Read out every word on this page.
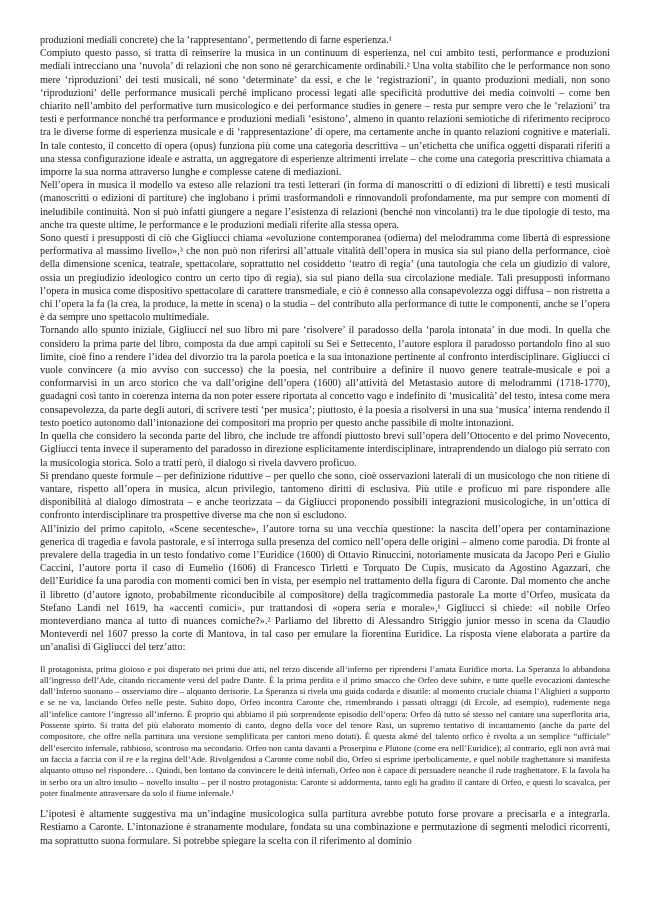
produzioni mediali concrete) che la ‘rappresentano’, permettendo di farne esperienza.¹

Compiuto questo passo, si tratta di reinserire la musica in un continuum di esperienza, nel cui ambito testi, performance e produzioni mediali intrecciano una ‘nuvola’ di relazioni che non sono né gerarchicamente ordinabili.² Una volta stabilito che le performance non sono mere ‘riproduzioni’ dei testi musicali, né sono ‘determinate’ da essi, e che le ‘registrazioni’, in quanto produzioni mediali, non sono ‘riproduzioni’ delle performance musicali perché implicano processi legati alle specificità produttive dei media coinvolti – come ben chiarito nell’ambito del performative turn musicologico e dei performance studies in genere – resta pur sempre vero che le ‘relazioni’ tra testi e performance nonché tra performance e produzioni mediali ‘esistono’, almeno in quanto relazioni semiotiche di riferimento reciproco tra le diverse forme di esperienza musicale e di ‘rappresentazione’ di opere, ma certamente anche in quanto relazioni cognitive e materiali. In tale contesto, il concetto di opera (opus) funziona più come una categoria descrittiva – un’etichetta che unifica oggetti disparati riferiti a una stessa configurazione ideale e astratta, un aggregatore di esperienze altrimenti irrelate – che come una categoria prescrittiva chiamata a imporre la sua norma attraverso lunghe e complesse catene di mediazioni.

Nell’opera in musica il modello va esteso alle relazioni tra testi letterari (in forma di manoscritti o di edizioni di libretti) e testi musicali (manoscritti o edizioni di partiture) che inglobano i primi trasformandoli e rinnovandoli profondamente, ma pur sempre con momenti di ineludibile continuità. Non si può infatti giungere a negare l’esistenza di relazioni (benché non vincolanti) tra le due tipologie di testo, ma anche tra queste ultime, le performance e le produzioni mediali riferite alla stessa opera.

Sono questi i presupposti di ciò che Gigliucci chiama «evoluzione contemporanea (odierna) del melodramma come libertà di espressione performativa al massimo livello»,³ che non può non riferirsi all’attuale vitalità dell’opera in musica sia sul piano della performance, cioè della dimensione scenica, teatrale, spettacolare, soprattutto nel cosiddetto ‘teatro di regia’ (una tautologia che cela un giudizio di valore, ossia un pregiudizio ideologico contro un certo tipo di regia), sia sul piano della sua circolazione mediale. Tali presupposti informano l’opera in musica come dispositivo spettacolare di carattere transmediale, e ciò è connesso alla consapevolezza oggi diffusa – non ristretta a chi l’opera la fa (la crea, la produce, la mette in scena) o la studia – del contributo alla performance di tutte le componenti, anche se l’opera è da sempre uno spettacolo multimediale.

Tornando allo spunto iniziale, Gigliucci nel suo libro mi pare ‘risolvere’ il paradosso della ‘parola intonata’ in due modi. In quella che considero la prima parte del libro, composta da due ampi capitoli su Sei e Settecento, l’autore esplora il paradosso portandolo fino al suo limite, cioè fino a rendere l’idea del divorzio tra la parola poetica e la sua intonazione pertinente al confronto interdisciplinare. Gigliucci ci vuole convincere (a mio avviso con successo) che la poesia, nel contribuire a definire il nuovo genere teatrale-musicale e poi a conformarvisi in un arco storico che va dall’origine dell’opera (1600) all’attività del Metastasio autore di melodrammi (1718-1770), guadagni così tanto in coerenza interna da non poter essere riportata al concetto vago e indefinito di ‘musicalità’ del testo, intesa come mera consapevolezza, da parte degli autori, di scrivere testi ‘per musica’; piuttosto, è la poesia a risolversi in una sua ‘musica’ interna rendendo il testo poetico autonomo dall’intonazione dei compositori ma proprio per questo anche passibile di molte intonazioni.

In quella che considero la seconda parte del libro, che include tre affondi piuttosto brevi sull’opera dell’Ottocento e del primo Novecento, Gigliucci tenta invece il superamento del paradosso in direzione esplicitamente interdisciplinare, intraprendendo un dialogo più serrato con la musicologia storica. Solo a tratti però, il dialogo si rivela davvero proficuo.

Si prendano queste formule – per definizione riduttive – per quello che sono, cioè osservazioni laterali di un musicologo che non ritiene di vantare, rispetto all’opera in musica, alcun privilegio, tantomeno diritti di esclusiva. Più utile e proficuo mi pare rispondere alle disponibilità al dialogo dimostrata – e anche teorizzata – da Gigliucci proponendo possibili integrazioni musicologiche, in un’ottica di confronto interdisciplinare tra prospettive diverse ma che non si escludono.

All’inizio del primo capitolo, «Scene secentesche», l’autore torna su una vecchia questione: la nascita dell’opera per contaminazione generica di tragedia e favola pastorale, e si interroga sulla presenza del comico nell’opera delle origini – almeno come parodia. Di fronte al prevalere della tragedia in un testo fondativo come l’Euridice (1600) di Ottavio Rinuccini, notoriamente musicata da Jacopo Peri e Giulio Caccini, l’autore porta il caso di Eumelio (1606) di Francesco Tirletti e Torquato De Cupis, musicato da Agostino Agazzari, che dell’Euridice fa una parodia con momenti comici ben in vista, per esempio nel trattamento della figura di Caronte. Dal momento che anche il libretto (d’autore ignoto, probabilmente riconducibile al compositore) della tragicommedia pastorale La morte d’Orfeo, musicata da Stefano Landi nel 1619, ha «accenti comici», pur trattandosi di «opera seria e morale»,¹ Gigliucci si chiede: «il nobile Orfeo monteverdiano manca al tutto di nuances comiche?».² Parliamo del libretto di Alessandro Striggio junior messo in scena da Claudio Monteverdi nel 1607 presso la corte di Mantova, in tal caso per emulare la fiorentina Euridice. La risposta viene elaborata a partire da un’analisi di Gigliucci del terz’atto:

Il protagonista, prima gioioso e poi disperato nei primi due atti, nel terzo discende all’inferno per riprendersi l’amata Euridice morta. La Speranza lo abbandona all’ingresso dell’Ade, citando riccamente versi del padre Dante. È la prima perdita e il primo smacco che Orfeo deve subire, e tutte quelle evocazioni dantesche dall’Inferno suonano – osserviamo dire – alquanto derisorie. La Speranza si rivela una guida codarda e disutile: al momento cruciale chiama l’Alighieri a supporto e se ne va, lasciando Orfeo nelle peste. Subito dopo, Orfeo incontra Caronte che, rimembrando i passati oltraggi (di Ercole, ad esempio), rudemente nega all’infelice cantore l’ingresso all’inferno. È proprio qui abbiamo il più sorprendente episodio dell’opera: Orfeo dà tutto sé stesso nel cantare una superfloritа aria, Possente spirto. Si tratta del più elaborato momento di canto, degno della voce del tenore Rasi, un supremo tentativo di incantamento (anche da parte del compositore, che offre nella partitura una versione semplificata per cantori meno dotati). È questa akmé del talento orfico è rivolta a un semplice “ufficiale” dell’esercito infernale, rabbioso, scontroso ma secondario. Orfeo non canta davanti a Proserpina e Plutone (come era nell’Euridice); al contrario, egli non avrà mai un faccia a faccia con il re e la regina dell’Ade. Rivolgendosi a Caronte come nobil dio, Orfeo si esprime iperbolicamente, e quel nobile traghettatore si manifesta alquanto ottuso nel rispondere… Quindi, ben lontano da convincere le deità infernali, Orfeo non è capace di persuadere neanche il rude traghettatore. E la favola ha in serbo ora un altro insulto – novello insulto – per il nostro protagonista: Caronte si addormenta, tanto egli ha gradito il cantare di Orfeo, e questi lo scavalca, per poter finalmente attraversare da solo il fiume infernale.¹

L’ipotesi è altamente suggestiva ma un’indagine musicologica sulla partitura avrebbe potuto forse provare a precisarla e a integrarla. Restiamo a Caronte. L’intonazione è stranamente modulare, fondata su una combinazione e permutazione di segmenti melodici ricorrenti, ma soprattutto suona formulare. Si potrebbe spiegare la scelta con il riferimento al dominio
